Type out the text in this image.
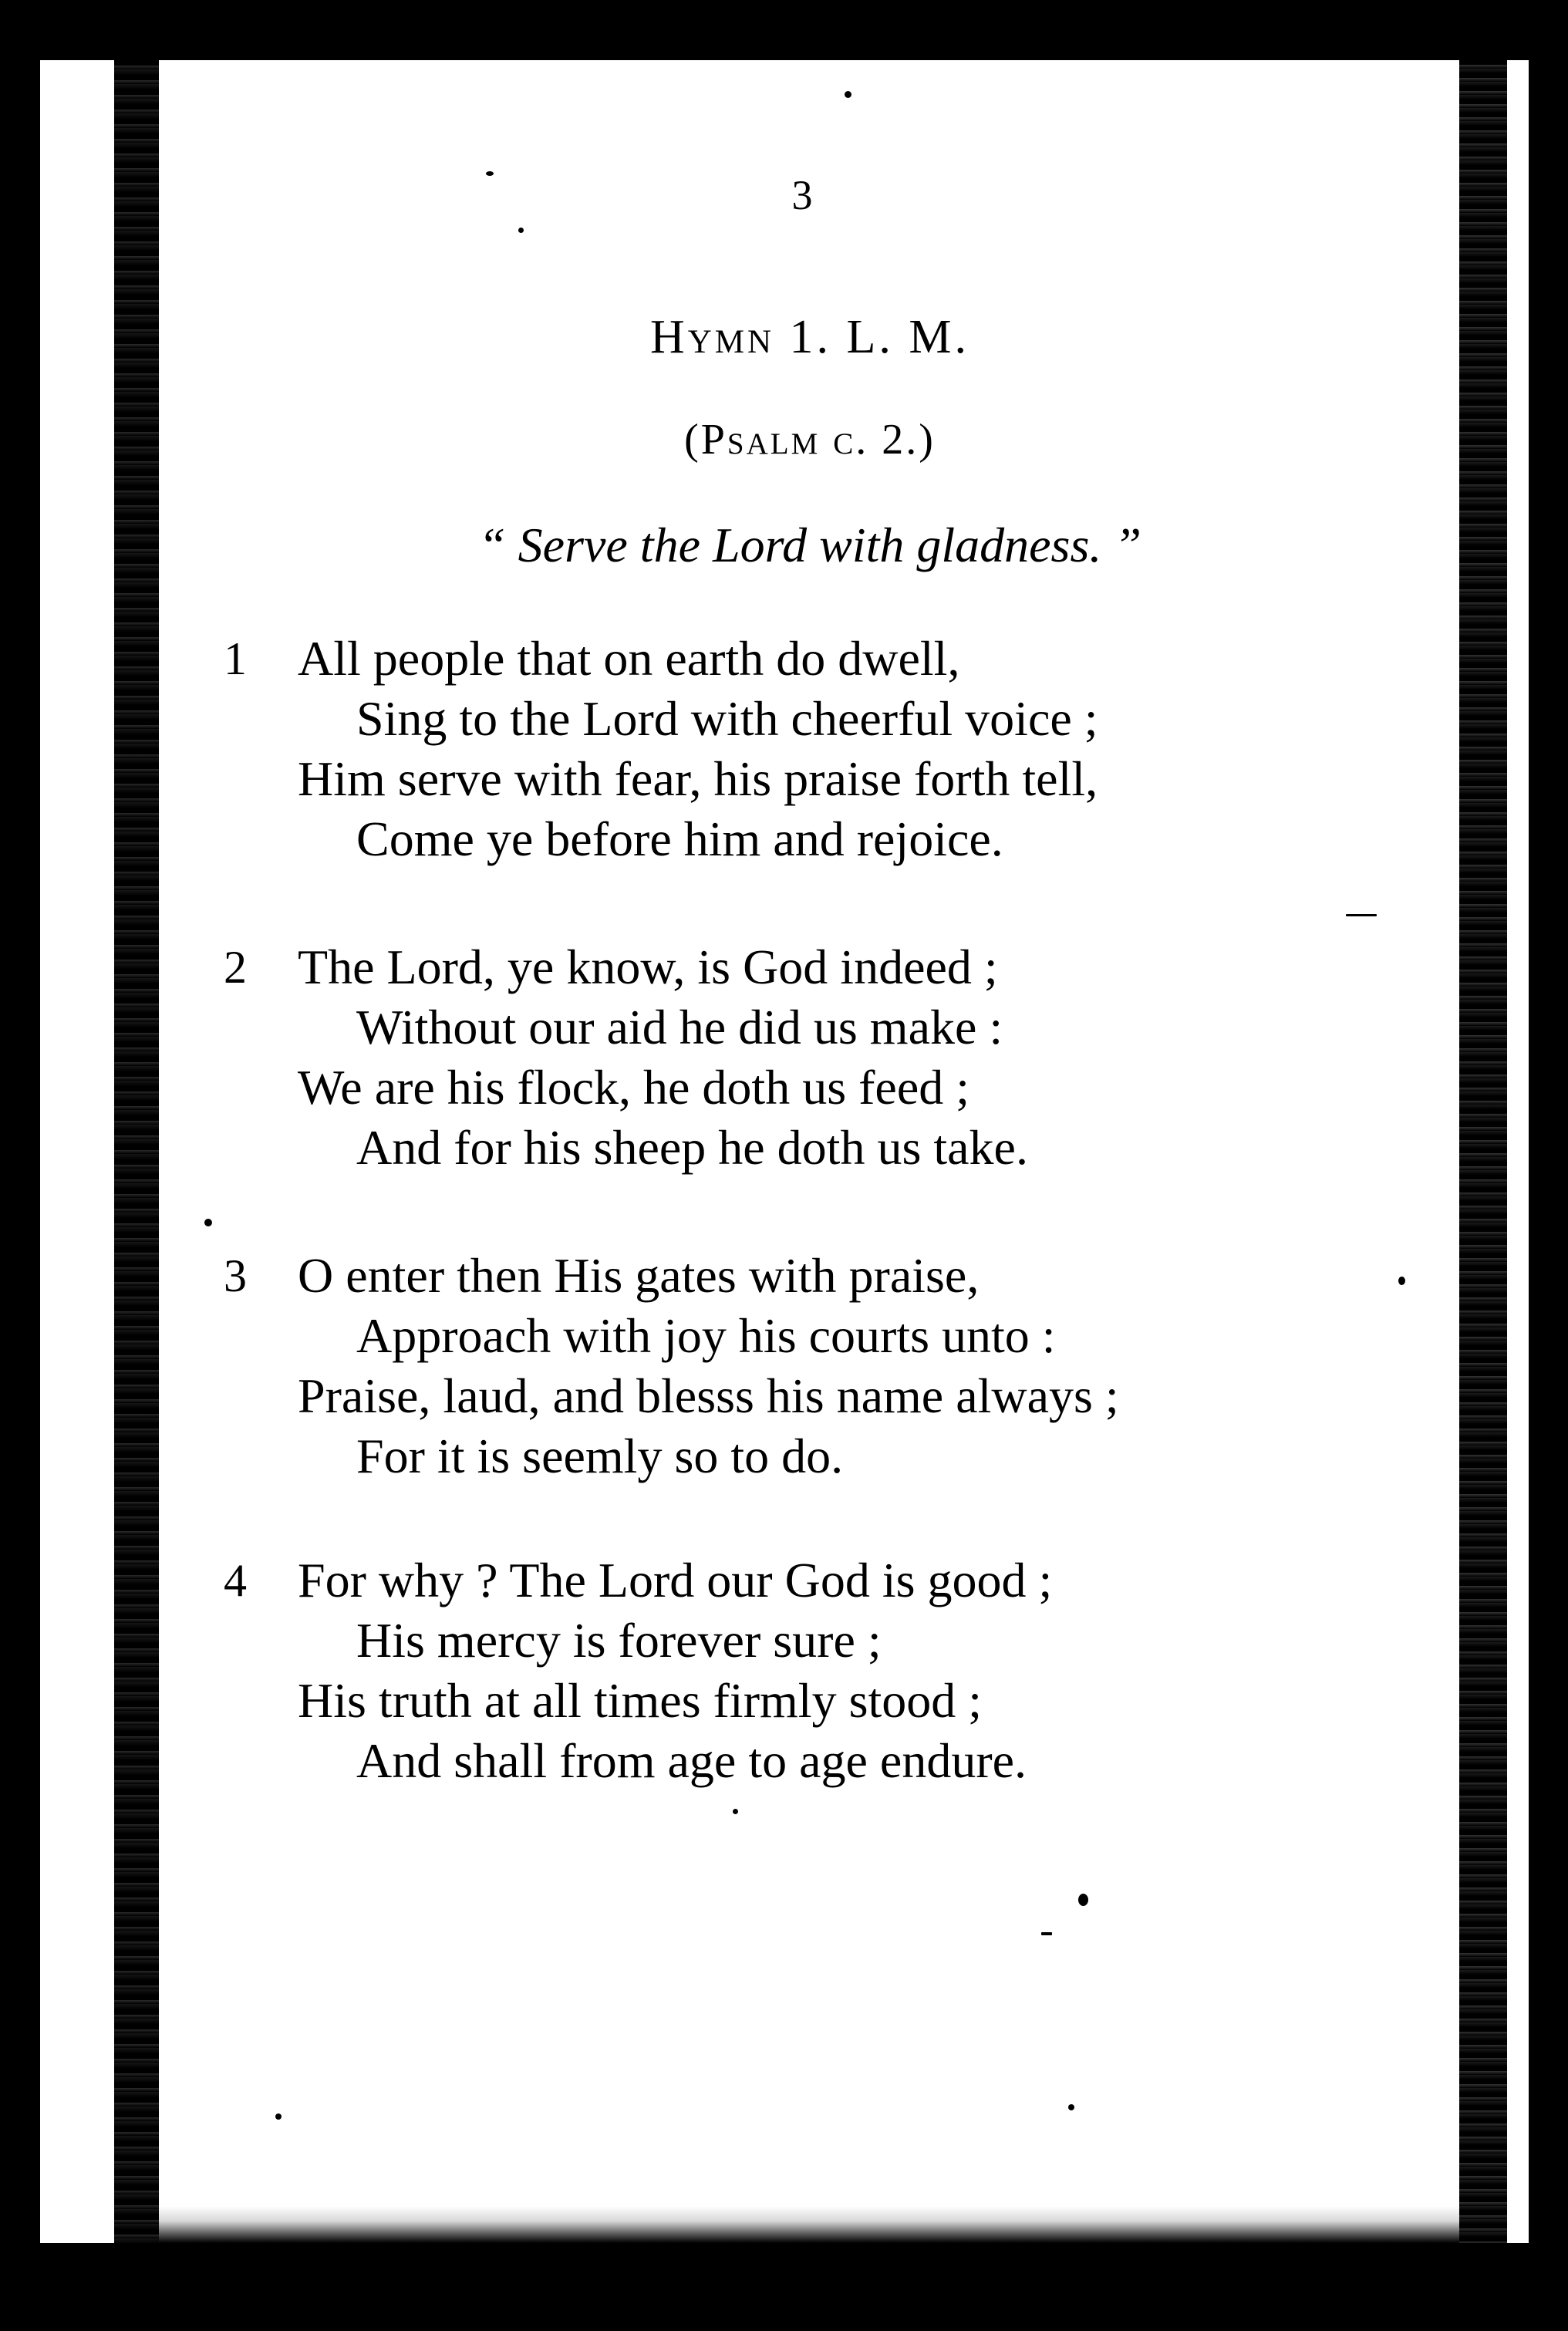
3
Hymn 1. L. M.
(Psalm c. 2.)
“ Serve the Lord with gladness. ”
1	All people that on earth do dwell,
Sing to the Lord with cheerful voice ;
Him serve with fear, his praise forth tell,
Come ye before him and rejoice.
2	The Lord, ye know, is God indeed ;
Without our aid he did us make :
We are his flock, he doth us feed ;
And for his sheep he doth us take.
3	O enter then His gates with praise,
Approach with joy his courts unto :
Praise, laud, and blesss his name always ;
For it is seemly so to do.
4	For why ? The Lord our God is good ;
His mercy is forever sure ;
His truth at all times firmly stood ;
And shall from age to age endure.
